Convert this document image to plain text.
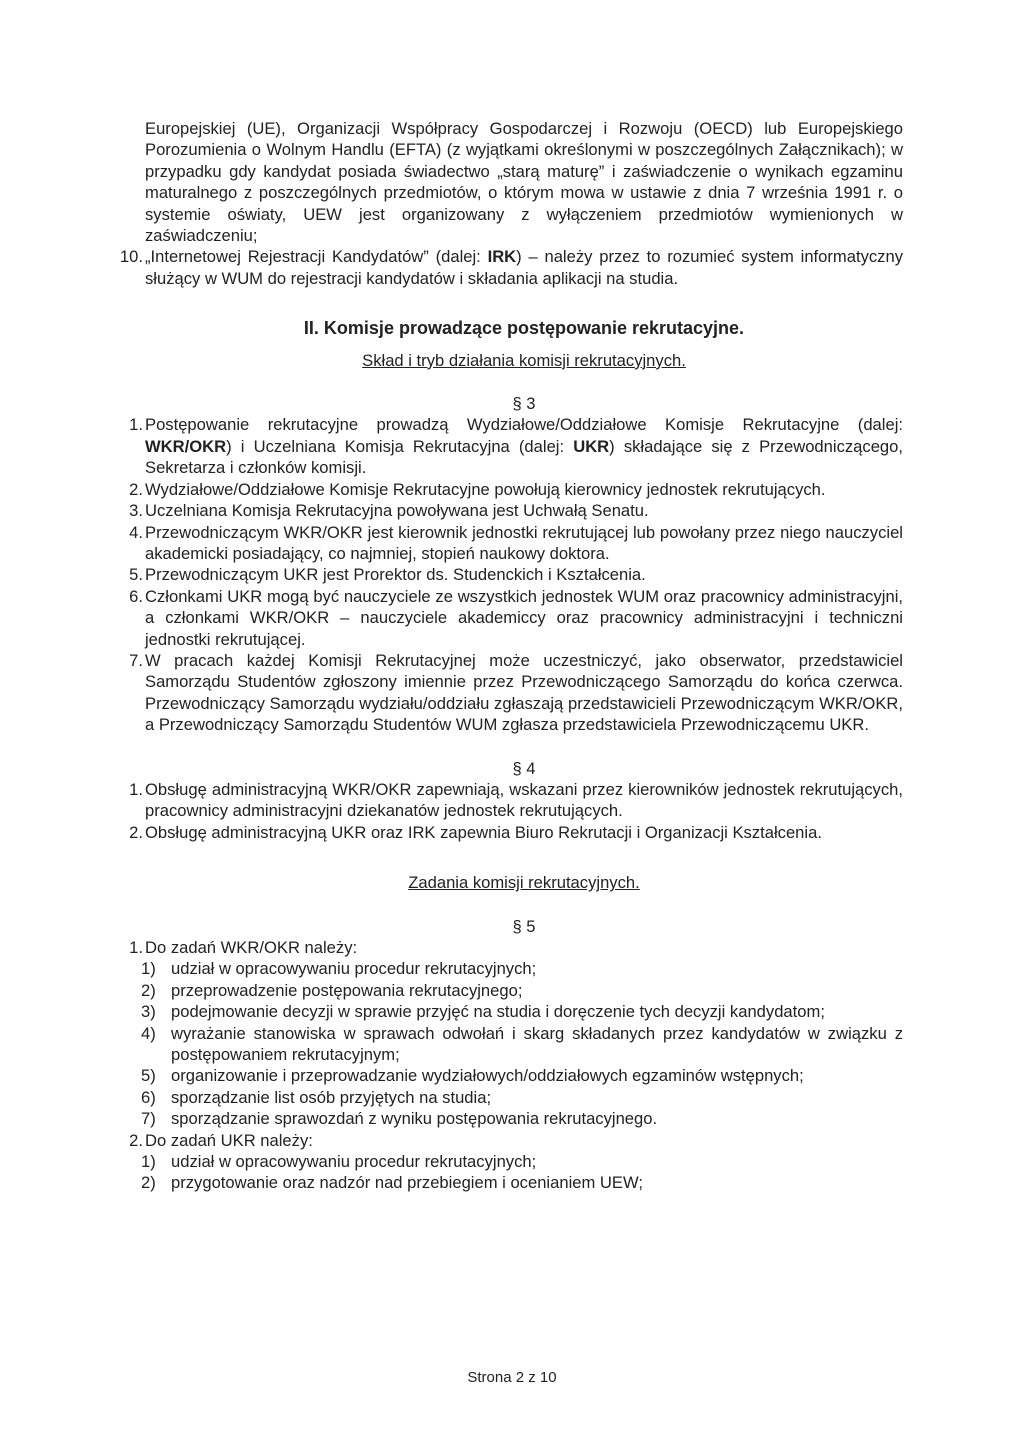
Europejskiej (UE), Organizacji Współpracy Gospodarczej i Rozwoju (OECD) lub Europejskiego Porozumienia o Wolnym Handlu (EFTA) (z wyjątkami określonymi w poszczególnych Załącznikach); w przypadku gdy kandydat posiada świadectwo „starą maturę” i zaświadczenie o wynikach egzaminu maturalnego z poszczególnych przedmiotów, o którym mowa w ustawie z dnia 7 września 1991 r. o systemie oświaty, UEW jest organizowany z wyłączeniem przedmiotów wymienionych w zaświadczeniu;

10. „Internetowej Rejestracji Kandydatów” (dalej: IRK) – należy przez to rozumieć system informatyczny służący w WUM do rejestracji kandydatów i składania aplikacji na studia.
II. Komisje prowadzące postępowanie rekrutacyjne.
Skład i tryb działania komisji rekrutacyjnych.
§ 3
1. Postępowanie rekrutacyjne prowadzą Wydziałowe/Oddziałowe Komisje Rekrutacyjne (dalej: WKR/OKR) i Uczelniana Komisja Rekrutacyjna (dalej: UKR) składające się z Przewodniczącego, Sekretarza i członków komisji.
2. Wydziałowe/Oddziałowe Komisje Rekrutacyjne powołują kierownicy jednostek rekrutujących.
3. Uczelniana Komisja Rekrutacyjna powoływana jest Uchwałą Senatu.
4. Przewodniczącym WKR/OKR jest kierownik jednostki rekrutującej lub powołany przez niego nauczyciel akademicki posiadający, co najmniej, stopień naukowy doktora.
5. Przewodniczącym UKR jest Prorektor ds. Studenckich i Kształcenia.
6. Członkami UKR mogą być nauczyciele ze wszystkich jednostek WUM oraz pracownicy administracyjni, a członkami WKR/OKR – nauczyciele akademiccy oraz pracownicy administracyjni i techniczni jednostki rekrutującej.
7. W pracach każdej Komisji Rekrutacyjnej może uczestniczyć, jako obserwator, przedstawiciel Samorządu Studentów zgłoszony imiennie przez Przewodniczącego Samorządu do końca czerwca. Przewodniczący Samorządu wydziału/oddziału zgłaszają przedstawicieli Przewodniczącym WKR/OKR, a Przewodniczący Samorządu Studentów WUM zgłasza przedstawiciela Przewodniczącemu UKR.
§ 4
1. Obsługę administracyjną WKR/OKR zapewniają, wskazani przez kierowników jednostek rekrutujących, pracownicy administracyjni dziekanatów jednostek rekrutujących.
2. Obsługę administracyjną UKR oraz IRK zapewnia Biuro Rekrutacji i Organizacji Kształcenia.
Zadania komisji rekrutacyjnych.
§ 5
1. Do zadań WKR/OKR należy:
1) udział w opracowywaniu procedur rekrutacyjnych;
2) przeprowadzenie postępowania rekrutacyjnego;
3) podejmowanie decyzji w sprawie przyjęć na studia i doręczenie tych decyzji kandydatom;
4) wyrażanie stanowiska w sprawach odwołań i skarg składanych przez kandydatów w związku z postępowaniem rekrutacyjnym;
5) organizowanie i przeprowadzanie wydziałowych/oddziałowych egzaminów wstępnych;
6) sporządzanie list osób przyjętych na studia;
7) sporządzanie sprawozdań z wyniku postępowania rekrutacyjnego.
2. Do zadań UKR należy:
1) udział w opracowywaniu procedur rekrutacyjnych;
2) przygotowanie oraz nadzór nad przebiegiem i ocenianiem UEW;
Strona 2 z 10
